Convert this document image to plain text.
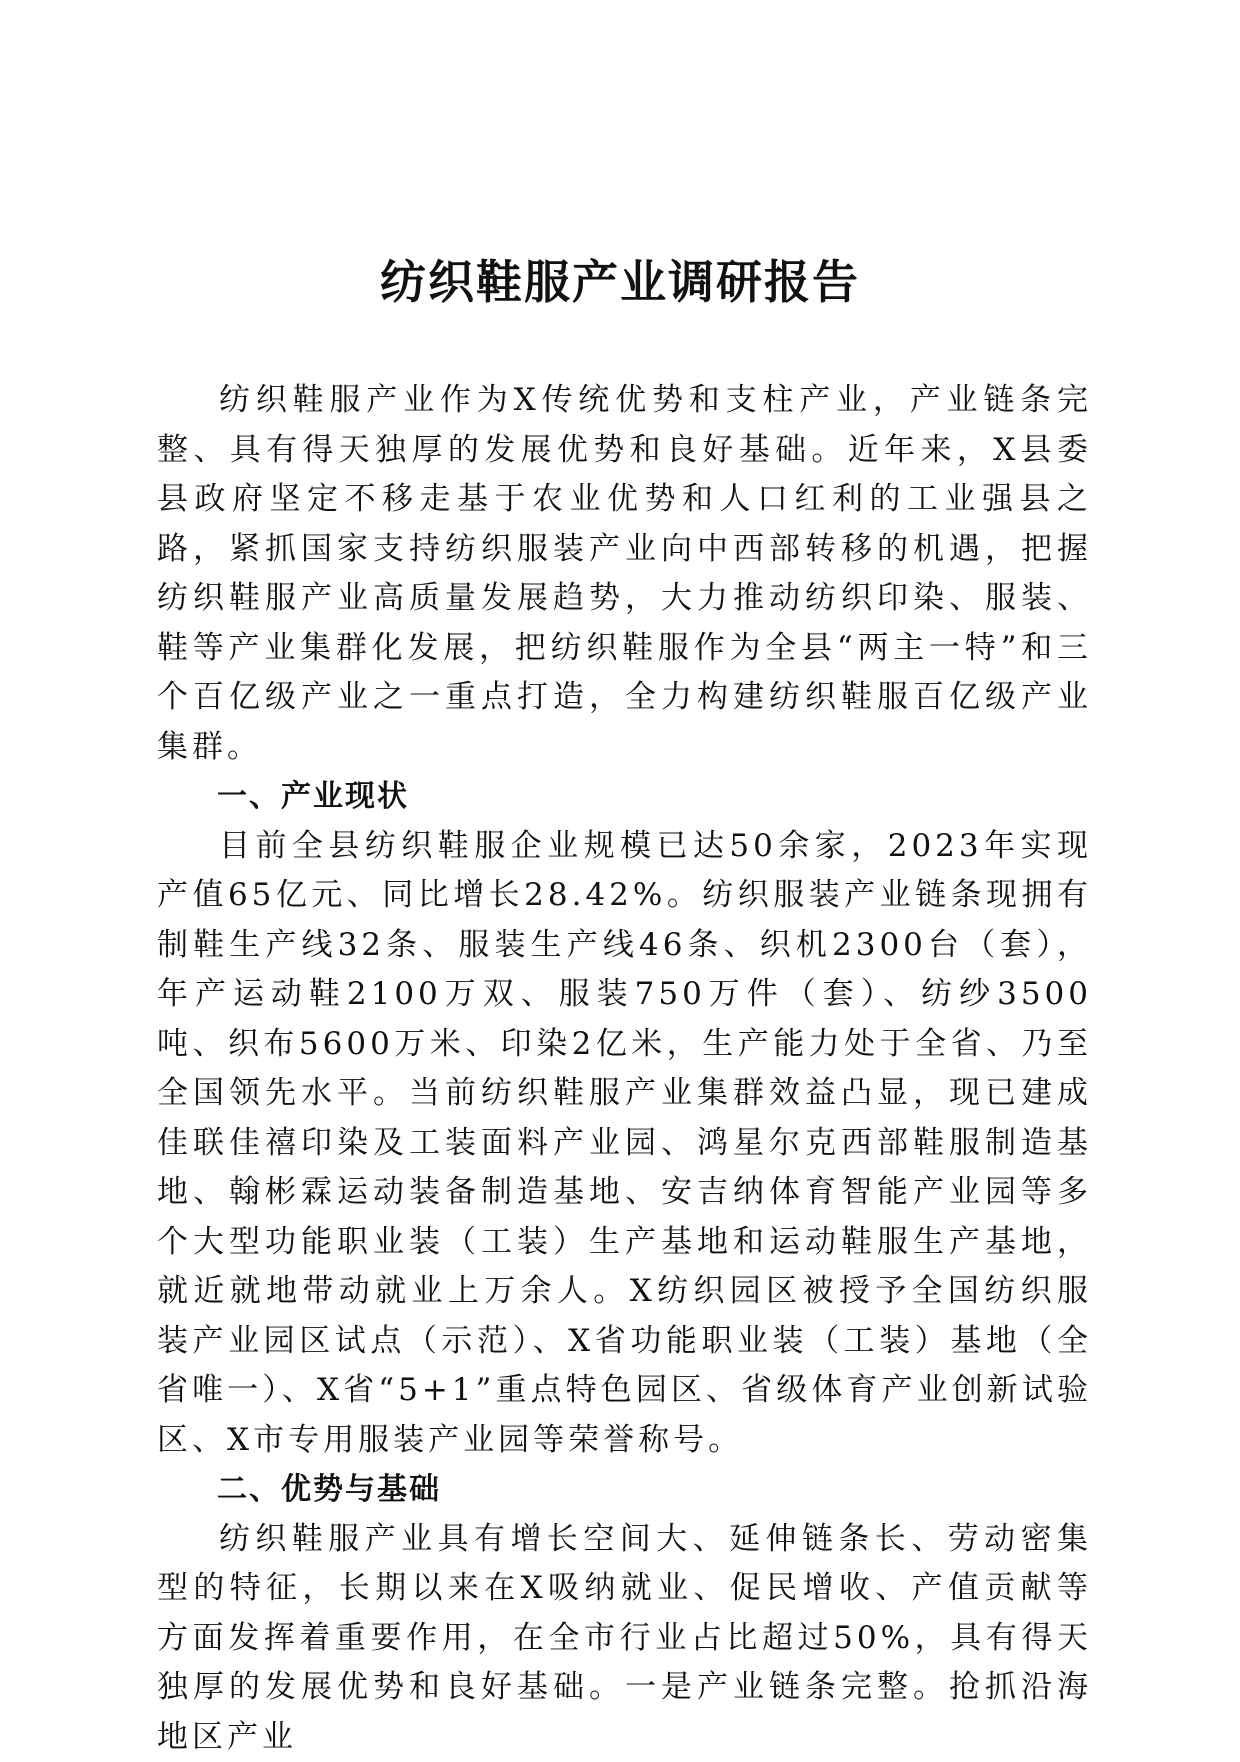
纺织鞋服产业调研报告

纺织鞋服产业作为X传统优势和支柱产业，产业链条完整、具有得天独厚的发展优势和良好基础。近年来，X县委县政府坚定不移走基于农业优势和人口红利的工业强县之路，紧抓国家支持纺织服装产业向中西部转移的机遇，把握纺织鞋服产业高质量发展趋势，大力推动纺织印染、服装、鞋等产业集群化发展，把纺织鞋服作为全县“两主一特”和三个百亿级产业之一重点打造，全力构建纺织鞋服百亿级产业集群。

一、产业现状

目前全县纺织鞋服企业规模已达50余家，2023年实现产值65亿元、同比增长28.42%。纺织服装产业链条现拥有制鞋生产线32条、服装生产线46条、织机2300台（套），年产运动鞋2100万双、服装750万件（套）、纺纱3500吨、织布5600万米、印染2亿米，生产能力处于全省、乃至全国领先水平。当前纺织鞋服产业集群效益凸显，现已建成佳联佳禧印染及工装面料产业园、鸿星尔克西部鞋服制造基地、翰彬霖运动装备制造基地、安吉纳体育智能产业园等多个大型功能职业装（工装）生产基地和运动鞋服生产基地，就近就地带动就业上万余人。X纺织园区被授予全国纺织服装产业园区试点（示范）、X省功能职业装（工装）基地（全省唯一）、X省“5+1”重点特色园区、省级体育产业创新试验区、X市专用服装产业园等荣誉称号。

二、优势与基础

纺织鞋服产业具有增长空间大、延伸链条长、劳动密集型的特征，长期以来在X吸纳就业、促民增收、产值贡献等方面发挥着重要作用，在全市行业占比超过50%，具有得天独厚的发展优势和良好基础。一是产业链条完整。抢抓沿海地区产业
